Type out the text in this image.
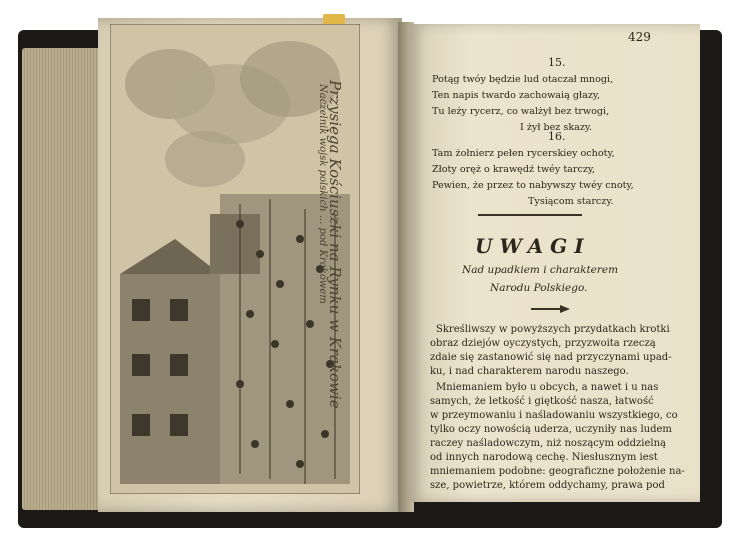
Przysięga Kościuszki na Rynku w Krakowie
Naczelnik wojsk polskich ... pod Krakowem
429
15.
Potąg twóy będzie lud otaczał mnogi,
Ten napis twardo zachowaią głazy,
Tu leży rycerz, co walżył bez trwogi,
I żył bez skazy.
16.
Tam żołnierz pełen rycerskiey ochoty,
Złoty oręż o krawędź twéy tarczy,
Pewien, że przez to nabywszy twéy cnoty,
Tysiącom starczy.
UWAGI
Nad upadkiem i charakterem
Narodu Polskiego.
Skreśliwszy w powyższych przydatkach krotki
obraz dziejów oyczystych, przyzwoita rzeczą
zdaie się zastanowić się nad przyczynami upad-
ku, i nad charakterem narodu naszego.
Mniemaniem było u obcych, a nawet i u nas
samych, że letkość i giętkość nasza, łatwość
w przeymowaniu i naśladowaniu wszystkiego, co
tylko oczy nowością uderza, uczyniły nas ludem
raczey naśladowczym, niż noszącym oddzielną
od innych narodową cechę. Niesłusznym iest
mniemaniem podobne: geograficzne położenie na-
sze, powietrze, którem oddychamy, prawa pod
